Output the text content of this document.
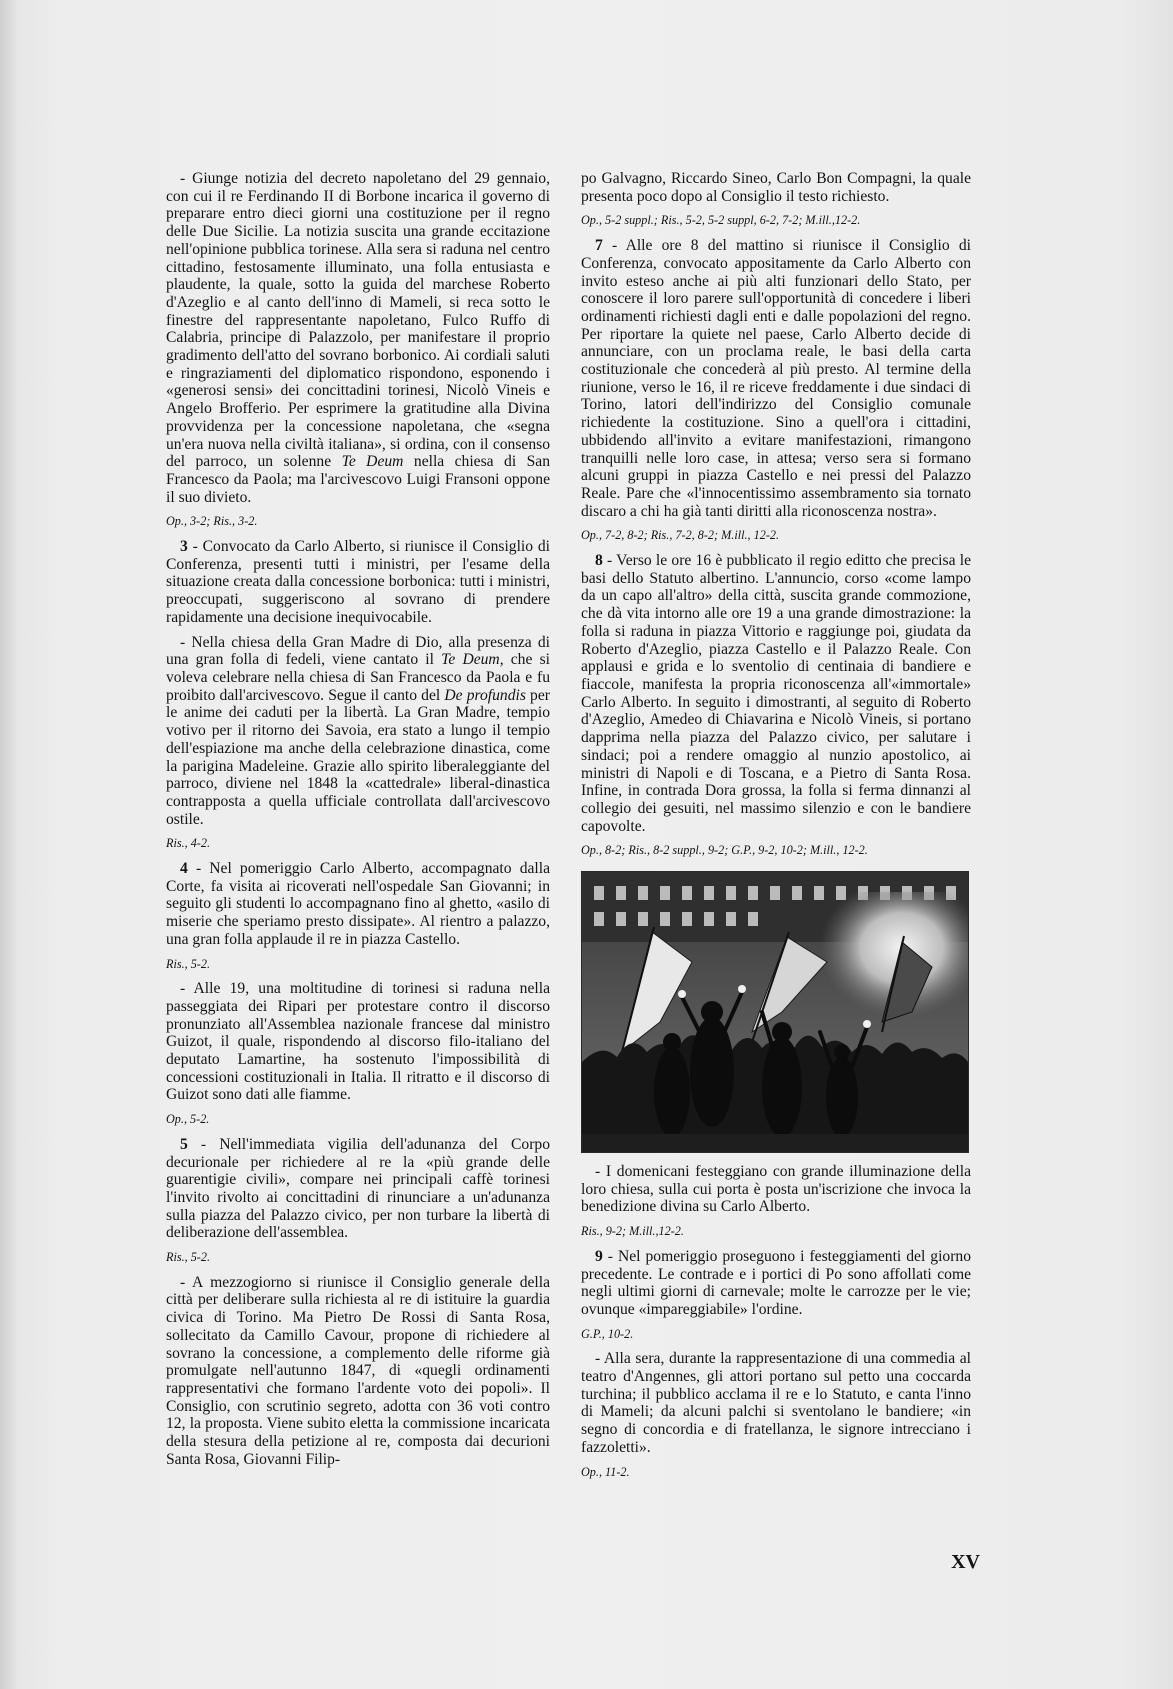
- Giunge notizia del decreto napoletano del 29 gennaio, con cui il re Ferdinando II di Borbone incarica il governo di preparare entro dieci giorni una costituzione per il regno delle Due Sicilie. La notizia suscita una grande eccitazione nell'opinione pubblica torinese. Alla sera si raduna nel centro cittadino, festosamente illuminato, una folla entusiasta e plaudente, la quale, sotto la guida del marchese Roberto d'Azeglio e al canto dell'inno di Mameli, si reca sotto le finestre del rappresentante napoletano, Fulco Ruffo di Calabria, principe di Palazzolo, per manifestare il proprio gradimento dell'atto del sovrano borbonico. Ai cordiali saluti e ringraziamenti del diplomatico rispondono, esponendo i «generosi sensi» dei concittadini torinesi, Nicolò Vineis e Angelo Brofferio. Per esprimere la gratitudine alla Divina provvidenza per la concessione napoletana, che «segna un'era nuova nella civiltà italiana», si ordina, con il consenso del parroco, un solenne Te Deum nella chiesa di San Francesco da Paola; ma l'arcivescovo Luigi Fransoni oppone il suo divieto.

Op., 3-2; Ris., 3-2.

3 - Convocato da Carlo Alberto, si riunisce il Consiglio di Conferenza, presenti tutti i ministri, per l'esame della situazione creata dalla concessione borbonica: tutti i ministri, preoccupati, suggeriscono al sovrano di prendere rapidamente una decisione inequivocabile.

- Nella chiesa della Gran Madre di Dio, alla presenza di una gran folla di fedeli, viene cantato il Te Deum, che si voleva celebrare nella chiesa di San Francesco da Paola e fu proibito dall'arcivescovo. Segue il canto del De profundis per le anime dei caduti per la libertà. La Gran Madre, tempio votivo per il ritorno dei Savoia, era stato a lungo il tempio dell'espiazione ma anche della celebrazione dinastica, come la parigina Madeleine. Grazie allo spirito liberaleggiante del parroco, diviene nel 1848 la «cattedrale» liberal-dinastica contrapposta a quella ufficiale controllata dall'arcivescovo ostile.

Ris., 4-2.

4 - Nel pomeriggio Carlo Alberto, accompagnato dalla Corte, fa visita ai ricoverati nell'ospedale San Giovanni; in seguito gli studenti lo accompagnano fino al ghetto, «asilo di miserie che speriamo presto dissipate». Al rientro a palazzo, una gran folla applaude il re in piazza Castello.

Ris., 5-2.

- Alle 19, una moltitudine di torinesi si raduna nella passeggiata dei Ripari per protestare contro il discorso pronunziato all'Assemblea nazionale francese dal ministro Guizot, il quale, rispondendo al discorso filo-italiano del deputato Lamartine, ha sostenuto l'impossibilità di concessioni costituzionali in Italia. Il ritratto e il discorso di Guizot sono dati alle fiamme.

Op., 5-2.

5 - Nell'immediata vigilia dell'adunanza del Corpo decurionale per richiedere al re la «più grande delle guarentigie civili», compare nei principali caffè torinesi l'invito rivolto ai concittadini di rinunciare a un'adunanza sulla piazza del Palazzo civico, per non turbare la libertà di deliberazione dell'assemblea.

Ris., 5-2.

- A mezzogiorno si riunisce il Consiglio generale della città per deliberare sulla richiesta al re di istituire la guardia civica di Torino. Ma Pietro De Rossi di Santa Rosa, sollecitato da Camillo Cavour, propone di richiedere al sovrano la concessione, a complemento delle riforme già promulgate nell'autunno 1847, di «quegli ordinamenti rappresentativi che formano l'ardente voto dei popoli». Il Consiglio, con scrutinio segreto, adotta con 36 voti contro 12, la proposta. Viene subito eletta la commissione incaricata della stesura della petizione al re, composta dai decurioni Santa Rosa, Giovanni Filip-

po Galvagno, Riccardo Sineo, Carlo Bon Compagni, la quale presenta poco dopo al Consiglio il testo richiesto.

Op., 5-2 suppl.; Ris., 5-2, 5-2 suppl, 6-2, 7-2; M.ill.,12-2.

7 - Alle ore 8 del mattino si riunisce il Consiglio di Conferenza, convocato appositamente da Carlo Alberto con invito esteso anche ai più alti funzionari dello Stato, per conoscere il loro parere sull'opportunità di concedere i liberi ordinamenti richiesti dagli enti e dalle popolazioni del regno. Per riportare la quiete nel paese, Carlo Alberto decide di annunciare, con un proclama reale, le basi della carta costituzionale che concederà al più presto. Al termine della riunione, verso le 16, il re riceve freddamente i due sindaci di Torino, latori dell'indirizzo del Consiglio comunale richiedente la costituzione. Sino a quell'ora i cittadini, ubbidendo all'invito a evitare manifestazioni, rimangono tranquilli nelle loro case, in attesa; verso sera si formano alcuni gruppi in piazza Castello e nei pressi del Palazzo Reale. Pare che «l'innocentissimo assembramento sia tornato discaro a chi ha già tanti diritti alla riconoscenza nostra».

Op., 7-2, 8-2; Ris., 7-2, 8-2; M.ill., 12-2.

8 - Verso le ore 16 è pubblicato il regio editto che precisa le basi dello Statuto albertino. L'annuncio, corso «come lampo da un capo all'altro» della città, suscita grande commozione, che dà vita intorno alle ore 19 a una grande dimostrazione: la folla si raduna in piazza Vittorio e raggiunge poi, giudata da Roberto d'Azeglio, piazza Castello e il Palazzo Reale. Con applausi e grida e lo sventolio di centinaia di bandiere e fiaccole, manifesta la propria riconoscenza all'«immortale» Carlo Alberto. In seguito i dimostranti, al seguito di Roberto d'Azeglio, Amedeo di Chiavarina e Nicolò Vineis, si portano dapprima nella piazza del Palazzo civico, per salutare i sindaci; poi a rendere omaggio al nunzio apostolico, ai ministri di Napoli e di Toscana, e a Pietro di Santa Rosa. Infine, in contrada Dora grossa, la folla si ferma dinnanzi al collegio dei gesuiti, nel massimo silenzio e con le bandiere capovolte.

Op., 8-2; Ris., 8-2 suppl., 9-2; G.P., 9-2, 10-2; M.ill., 12-2.

- I domenicani festeggiano con grande illuminazione della loro chiesa, sulla cui porta è posta un'iscrizione che invoca la benedizione divina su Carlo Alberto.

Ris., 9-2; M.ill.,12-2.

9 - Nel pomeriggio proseguono i festeggiamenti del giorno precedente. Le contrade e i portici di Po sono affollati come negli ultimi giorni di carnevale; molte le carrozze per le vie; ovunque «impareggiabile» l'ordine.

G.P., 10-2.

- Alla sera, durante la rappresentazione di una commedia al teatro d'Angennes, gli attori portano sul petto una coccarda turchina; il pubblico acclama il re e lo Statuto, e canta l'inno di Mameli; da alcuni palchi si sventolano le bandiere; «in segno di concordia e di fratellanza, le signore intrecciano i fazzoletti».

Op., 11-2.

XV
